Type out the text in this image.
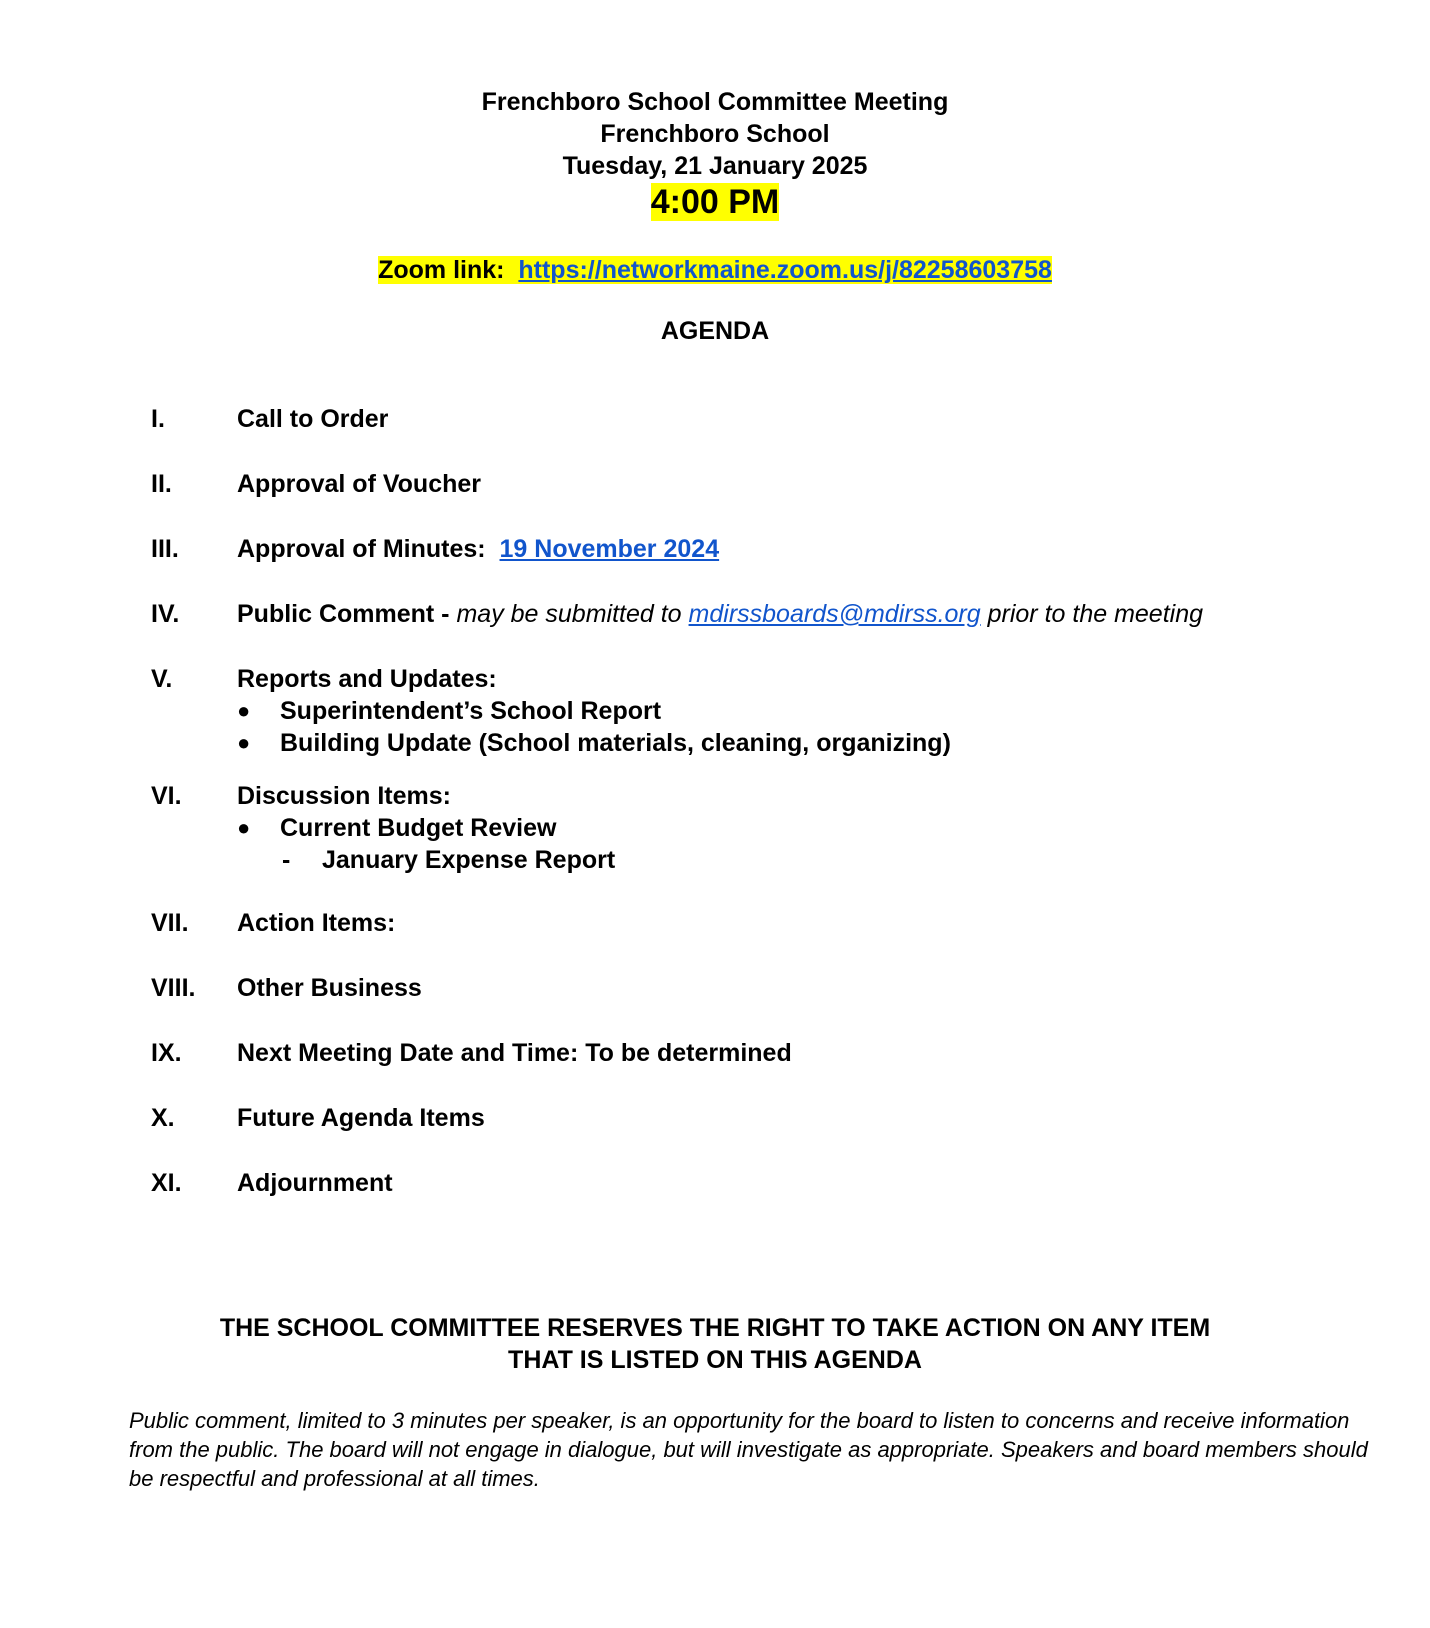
Frenchboro School Committee Meeting
Frenchboro School
Tuesday, 21 January 2025
4:00 PM
Zoom link: https://networkmaine.zoom.us/j/82258603758
AGENDA
I.	Call to Order
II.	Approval of Voucher
III. Approval of Minutes: 19 November 2024
IV. Public Comment - may be submitted to mdirssboards@mdirss.org prior to the meeting
V.	Reports and Updates:
● Superintendent’s School Report
● Building Update (School materials, cleaning, organizing)
VI. Discussion Items:
● Current Budget Review
- January Expense Report
VII. Action Items:
VIII. Other Business
IX. Next Meeting Date and Time: To be determined
X. Future Agenda Items
XI. Adjournment
THE SCHOOL COMMITTEE RESERVES THE RIGHT TO TAKE ACTION ON ANY ITEM
THAT IS LISTED ON THIS AGENDA
Public comment, limited to 3 minutes per speaker, is an opportunity for the board to listen to concerns and receive information from the public. The board will not engage in dialogue, but will investigate as appropriate. Speakers and board members should be respectful and professional at all times.
